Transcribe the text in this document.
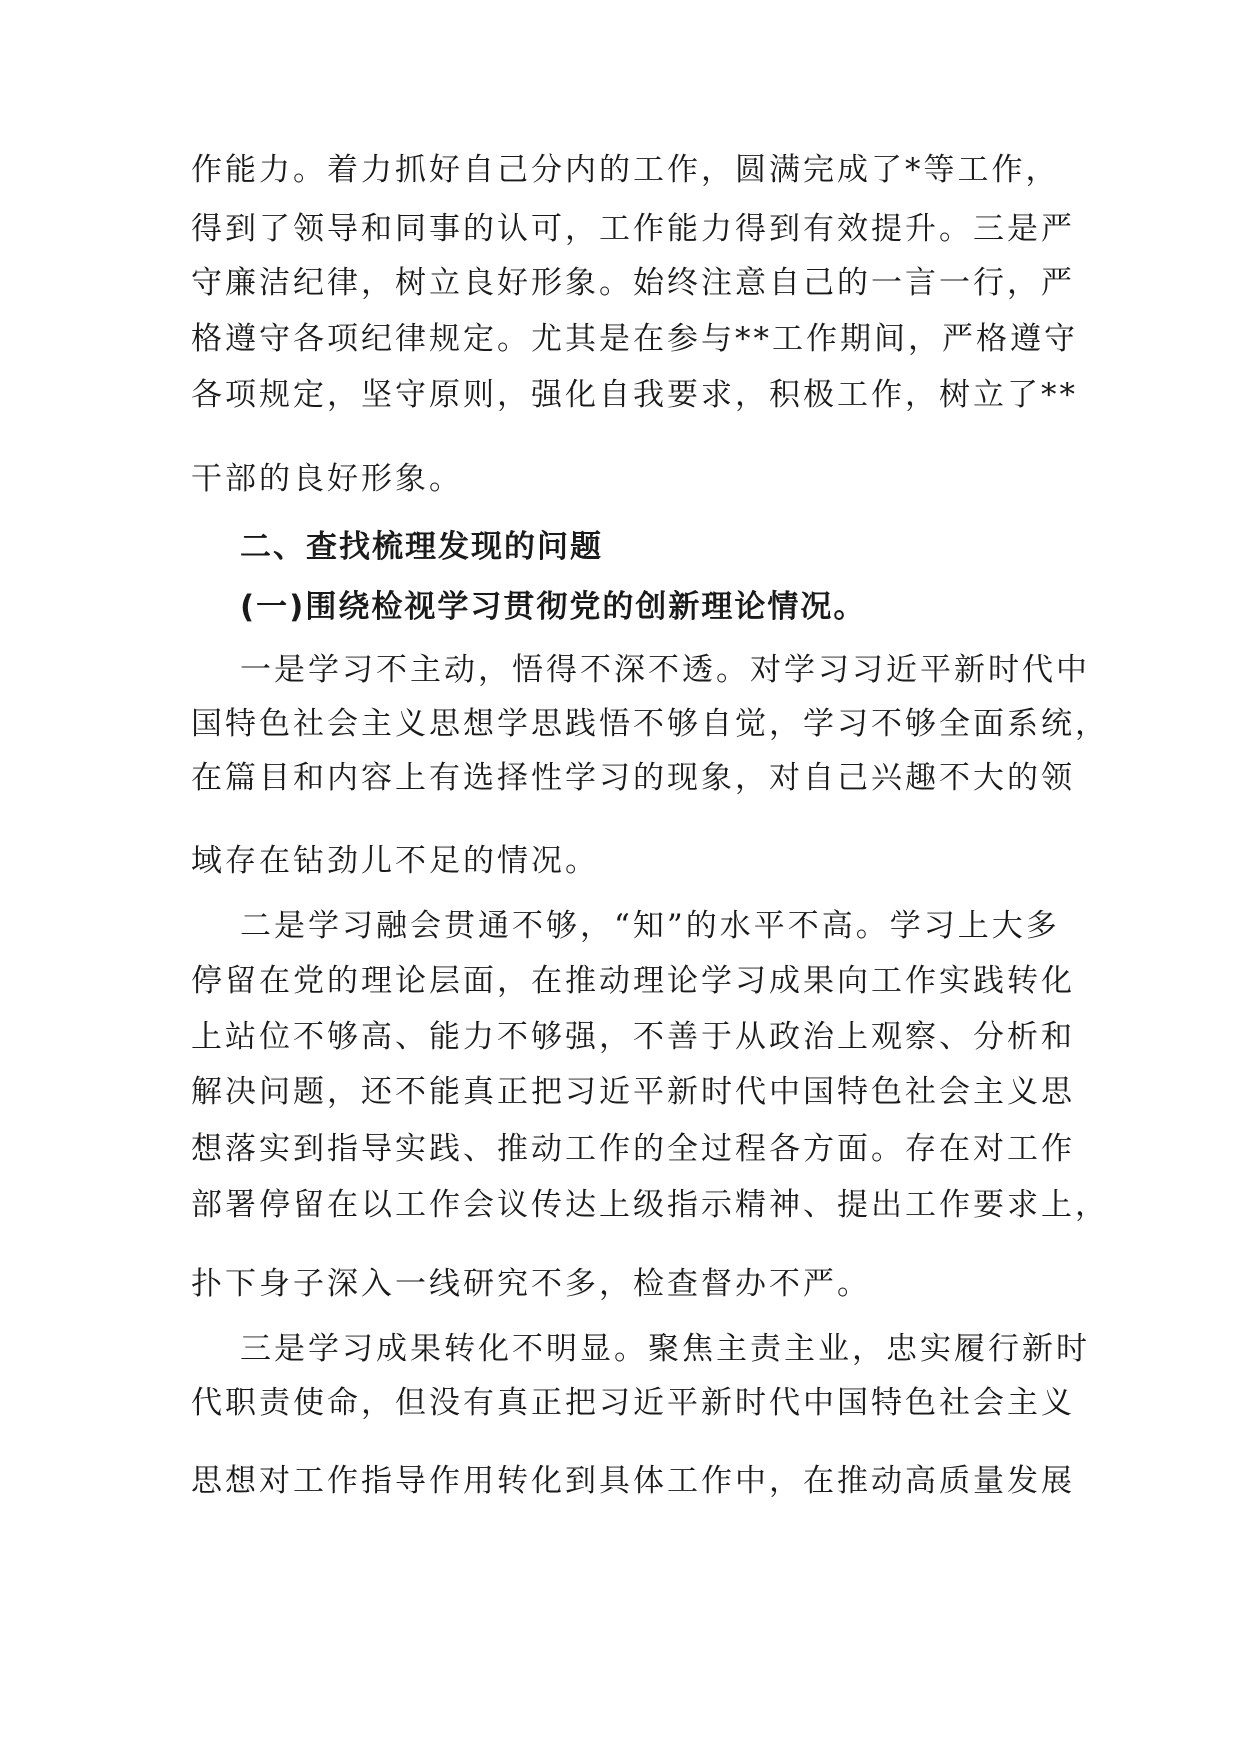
作能力。着力抓好自己分内的工作，圆满完成了*等工作，
得到了领导和同事的认可，工作能力得到有效提升。三是严
守廉洁纪律，树立良好形象。始终注意自己的一言一行，严
格遵守各项纪律规定。尤其是在参与**工作期间，严格遵守
各项规定，坚守原则，强化自我要求，积极工作，树立了**
干部的良好形象。
二、查找梳理发现的问题
(一)围绕检视学习贯彻党的创新理论情况。
一是学习不主动，悟得不深不透。对学习习近平新时代中
国特色社会主义思想学思践悟不够自觉，学习不够全面系统，
在篇目和内容上有选择性学习的现象，对自己兴趣不大的领
域存在钻劲儿不足的情况。
二是学习融会贯通不够，“知”的水平不高。学习上大多
停留在党的理论层面，在推动理论学习成果向工作实践转化
上站位不够高、能力不够强，不善于从政治上观察、分析和
解决问题，还不能真正把习近平新时代中国特色社会主义思
想落实到指导实践、推动工作的全过程各方面。存在对工作
部署停留在以工作会议传达上级指示精神、提出工作要求上，
扑下身子深入一线研究不多，检查督办不严。
三是学习成果转化不明显。聚焦主责主业，忠实履行新时
代职责使命，但没有真正把习近平新时代中国特色社会主义
思想对工作指导作用转化到具体工作中，在推动高质量发展
